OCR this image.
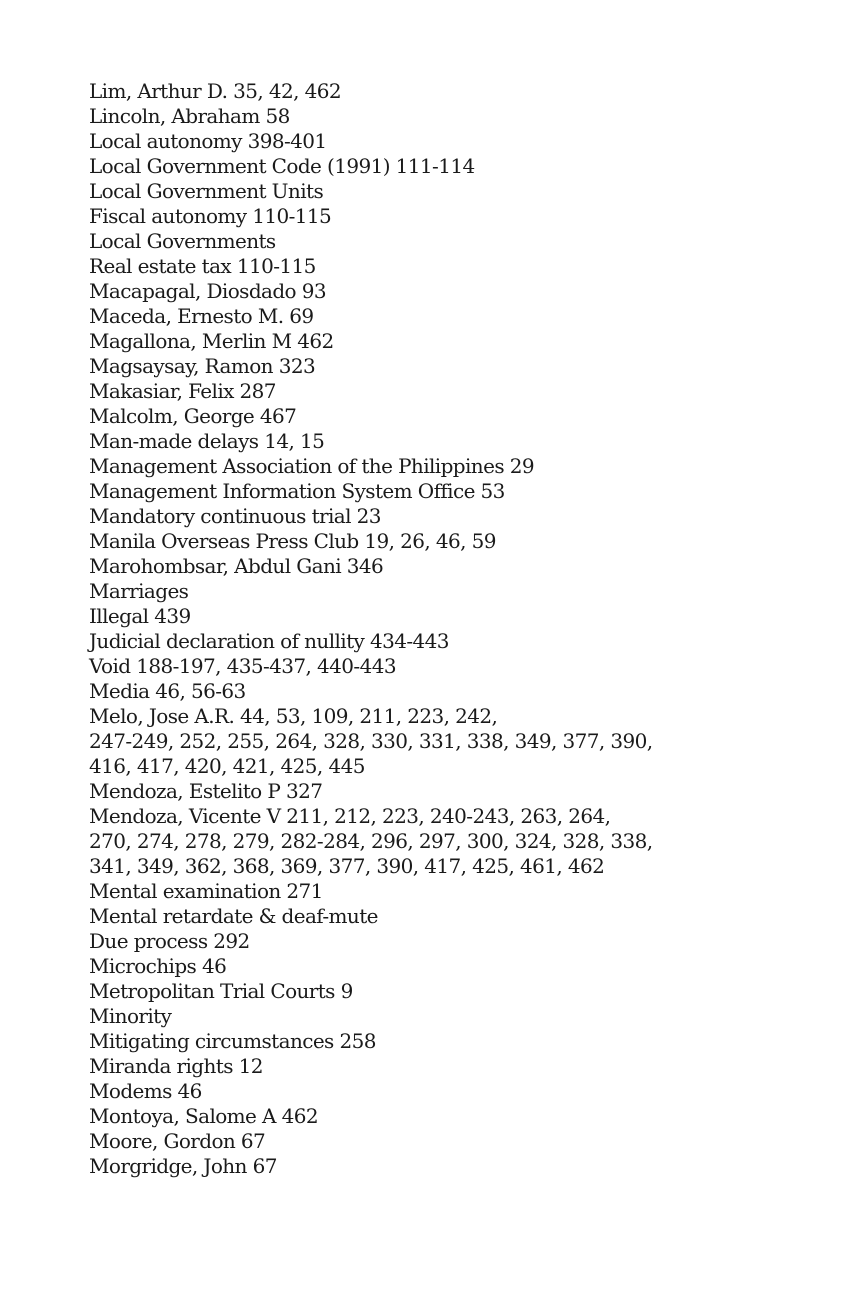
Lim, Arthur D. 35, 42, 462
Lincoln, Abraham 58
Local autonomy 398-401
Local Government Code (1991) 111-114
Local Government Units
Fiscal autonomy 110-115
Local Governments
Real estate tax 110-115
Macapagal, Diosdado 93
Maceda, Ernesto M. 69
Magallona, Merlin M 462
Magsaysay, Ramon 323
Makasiar, Felix 287
Malcolm, George 467
Man-made delays 14, 15
Management Association of the Philippines 29
Management Information System Office 53
Mandatory continuous trial 23
Manila Overseas Press Club 19, 26, 46, 59
Marohombsar, Abdul Gani 346
Marriages
Illegal 439
Judicial declaration of nullity 434-443
Void 188-197, 435-437, 440-443
Media 46, 56-63
Melo, Jose A.R. 44, 53, 109, 211, 223, 242,
247-249, 252, 255, 264, 328, 330, 331, 338, 349, 377, 390,
416, 417, 420, 421, 425, 445
Mendoza, Estelito P 327
Mendoza, Vicente V 211, 212, 223, 240-243, 263, 264,
270, 274, 278, 279, 282-284, 296, 297, 300, 324, 328, 338,
341, 349, 362, 368, 369, 377, 390, 417, 425, 461, 462
Mental examination 271
Mental retardate & deaf-mute
Due process 292
Microchips 46
Metropolitan Trial Courts 9
Minority
Mitigating circumstances 258
Miranda rights 12
Modems 46
Montoya, Salome A 462
Moore, Gordon 67
Morgridge, John 67
